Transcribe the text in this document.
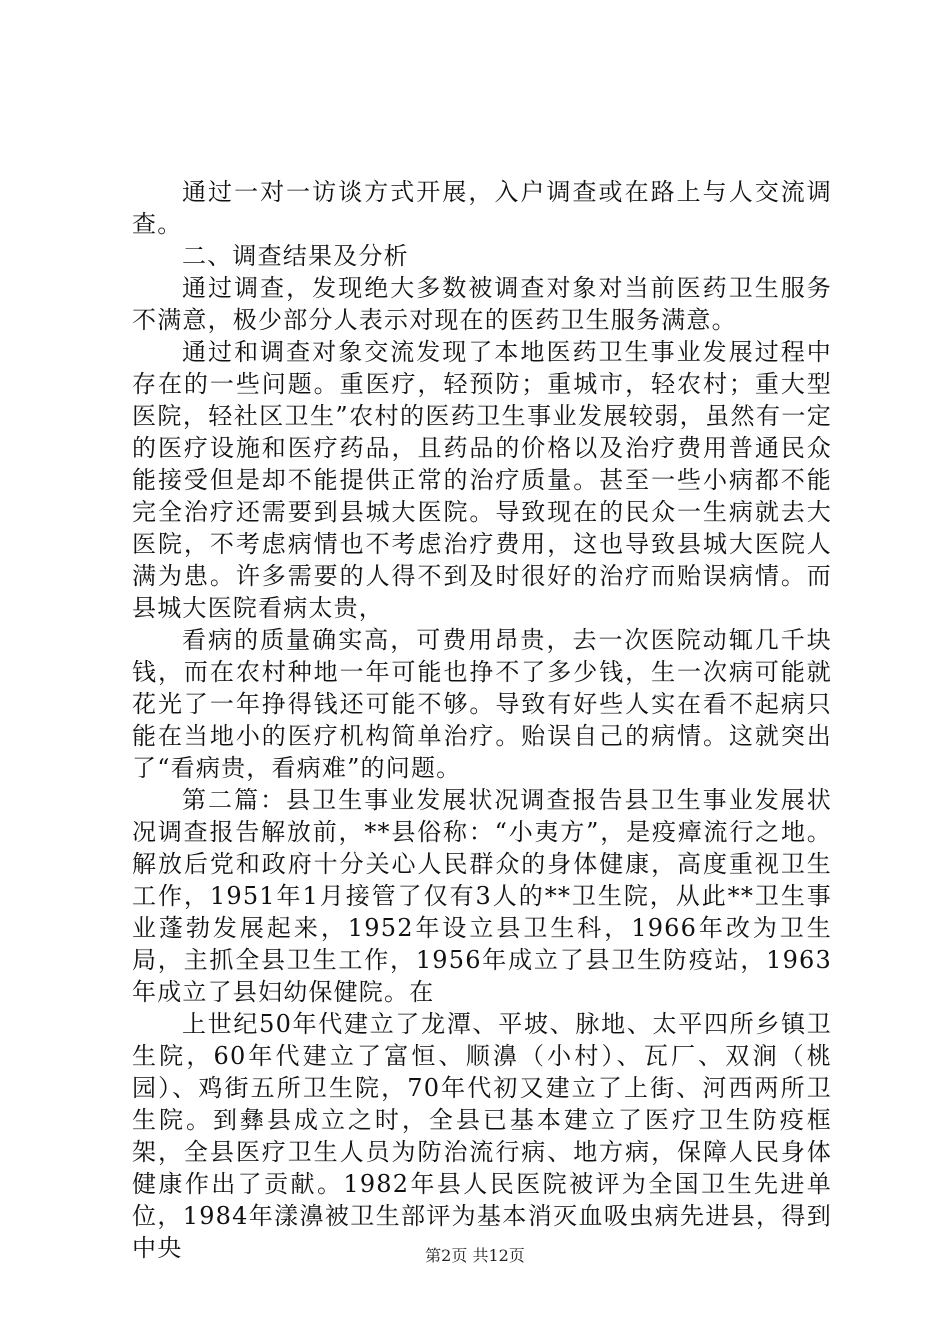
通过一对一访谈方式开展，入户调查或在路上与人交流调查。

二、调查结果及分析

通过调查，发现绝大多数被调查对象对当前医药卫生服务不满意，极少部分人表示对现在的医药卫生服务满意。

通过和调查对象交流发现了本地医药卫生事业发展过程中存在的一些问题。重医疗，轻预防；重城市，轻农村；重大型医院，轻社区卫生”农村的医药卫生事业发展较弱，虽然有一定的医疗设施和医疗药品，且药品的价格以及治疗费用普通民众能接受但是却不能提供正常的治疗质量。甚至一些小病都不能完全治疗还需要到县城大医院。导致现在的民众一生病就去大医院，不考虑病情也不考虑治疗费用，这也导致县城大医院人满为患。许多需要的人得不到及时很好的治疗而贻误病情。而县城大医院看病太贵，

看病的质量确实高，可费用昂贵，去一次医院动辄几千块钱，而在农村种地一年可能也挣不了多少钱，生一次病可能就花光了一年挣得钱还可能不够。导致有好些人实在看不起病只能在当地小的医疗机构简单治疗。贻误自己的病情。这就突出了“看病贵，看病难”的问题。

第二篇：县卫生事业发展状况调查报告县卫生事业发展状况调查报告解放前，**县俗称：“小夷方”，是疫瘴流行之地。解放后党和政府十分关心人民群众的身体健康，高度重视卫生工作，1951年1月接管了仅有3人的**卫生院，从此**卫生事业蓬勃发展起来，1952年设立县卫生科，1966年改为卫生局，主抓全县卫生工作，1956年成立了县卫生防疫站，1963年成立了县妇幼保健院。在

上世纪50年代建立了龙潭、平坡、脉地、太平四所乡镇卫生院，60年代建立了富恒、顺濞（小村）、瓦厂、双涧（桃园）、鸡街五所卫生院，70年代初又建立了上街、河西两所卫生院。到彝县成立之时，全县已基本建立了医疗卫生防疫框架，全县医疗卫生人员为防治流行病、地方病，保障人民身体健康作出了贡献。1982年县人民医院被评为全国卫生先进单位，1984年漾濞被卫生部评为基本消灭血吸虫病先进县，得到中央	第2页 共12页
